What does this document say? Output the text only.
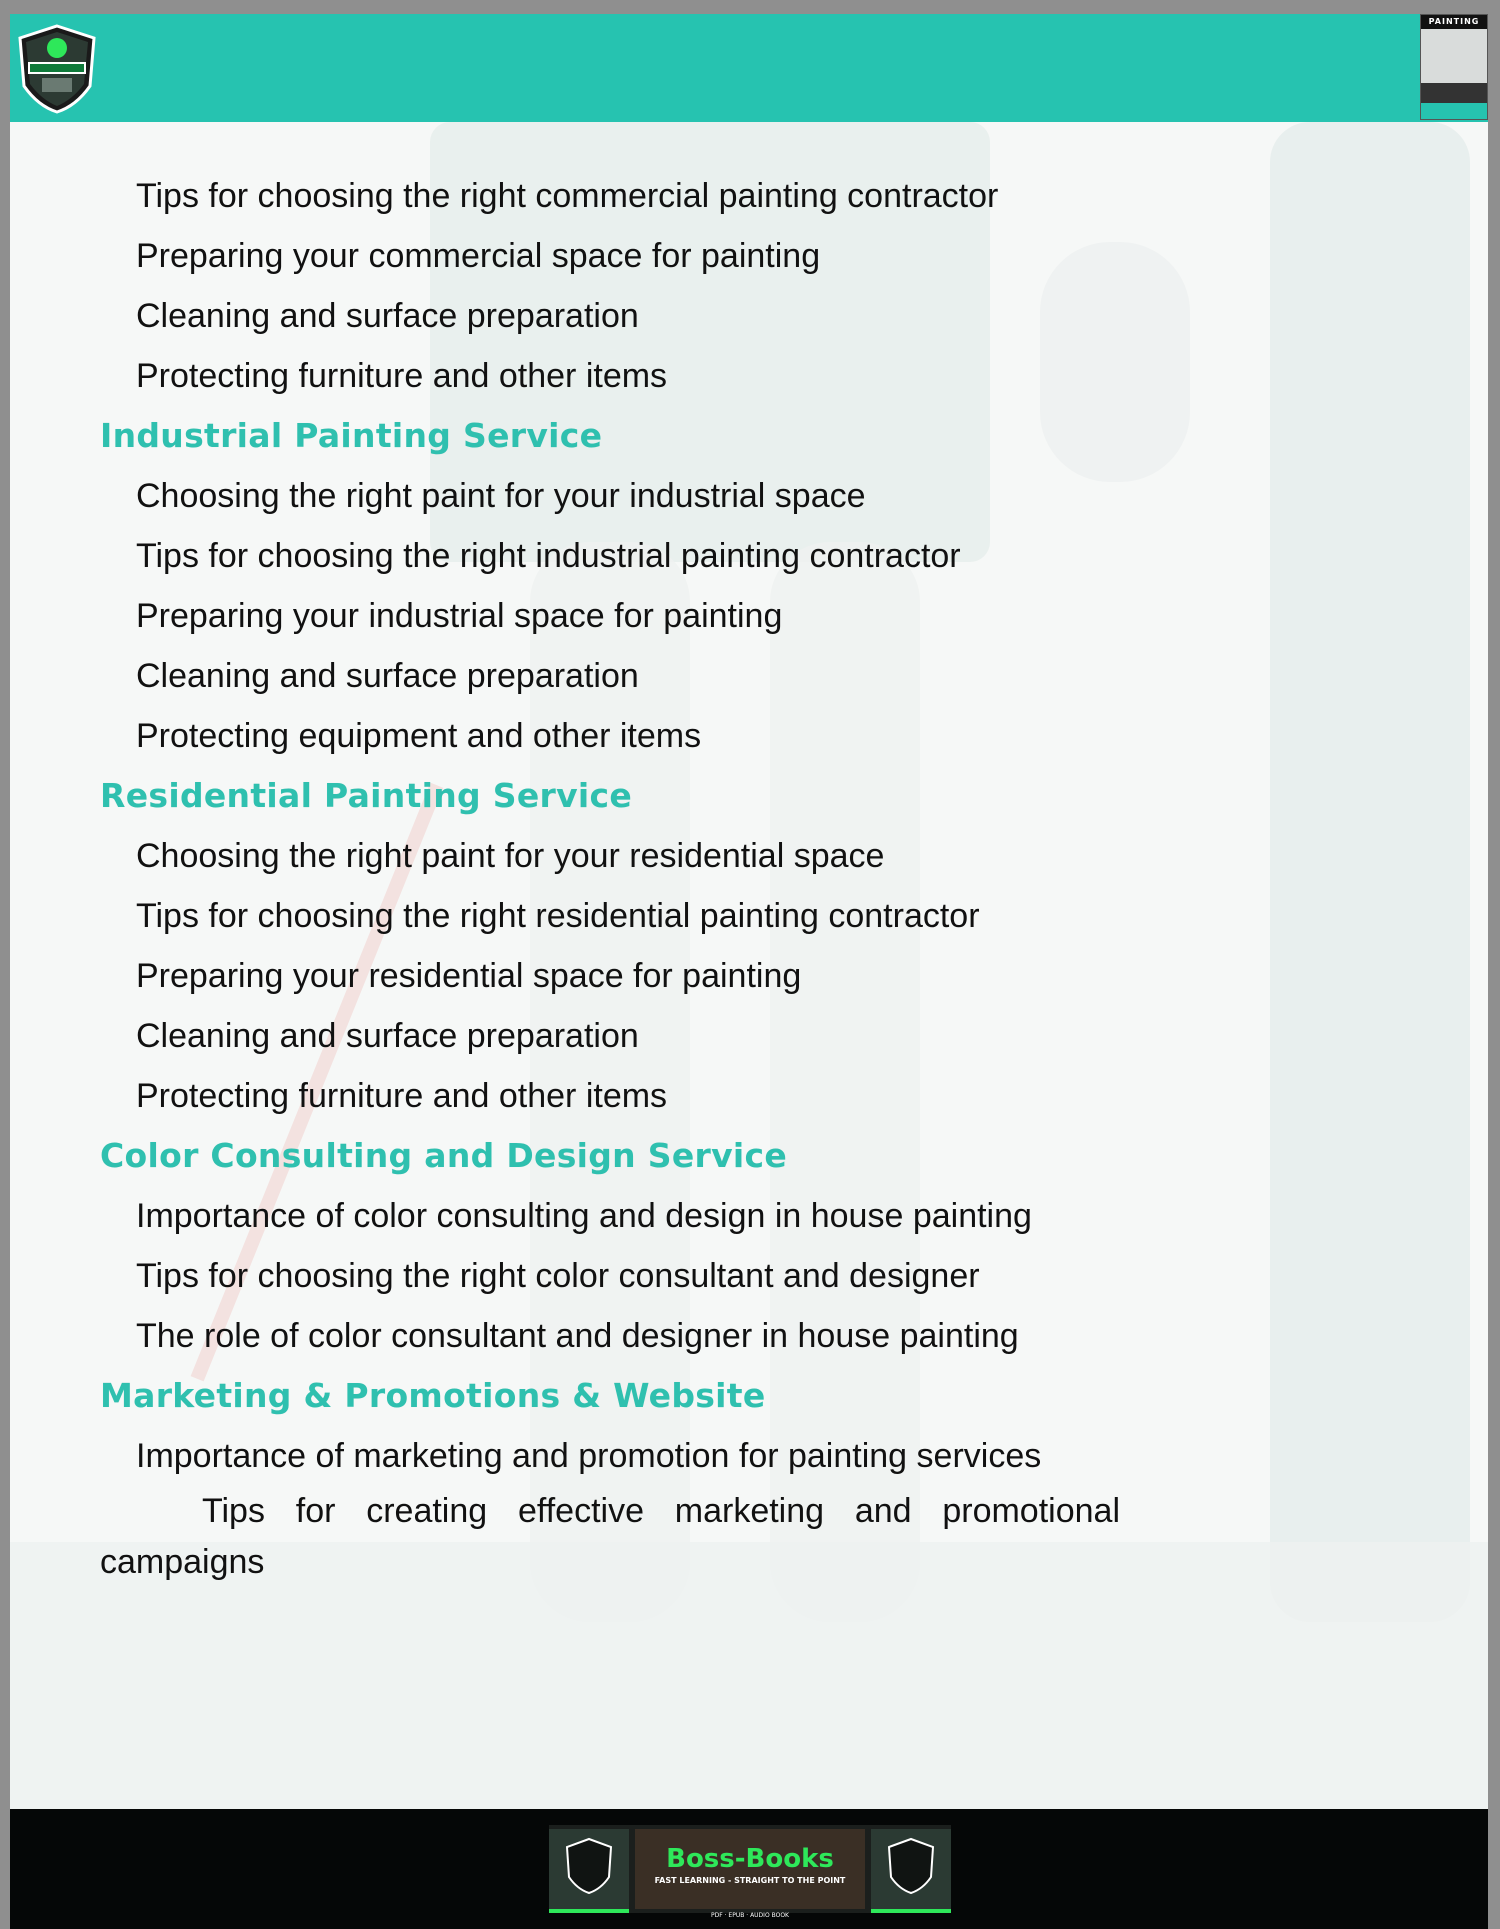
PAINTING
Tips for choosing the right commercial painting contractor
Preparing your commercial space for painting
Cleaning and surface preparation
Protecting furniture and other items
Industrial Painting Service
Choosing the right paint for your industrial space
Tips for choosing the right industrial painting contractor
Preparing your industrial space for painting
Cleaning and surface preparation
Protecting equipment and other items
Residential Painting Service
Choosing the right paint for your residential space
Tips for choosing the right residential painting contractor
Preparing your residential space for painting
Cleaning and surface preparation
Protecting furniture and other items
Color Consulting and Design Service
Importance of color consulting and design in house painting
Tips for choosing the right color consultant and designer
The role of color consultant and designer in house painting
Marketing & Promotions & Website
Importance of marketing and promotion for painting services
Tips for creating effective marketing and promotional campaigns
Boss-Books
FAST LEARNING - STRAIGHT TO THE POINT
PDF · EPUB · AUDIO BOOK
